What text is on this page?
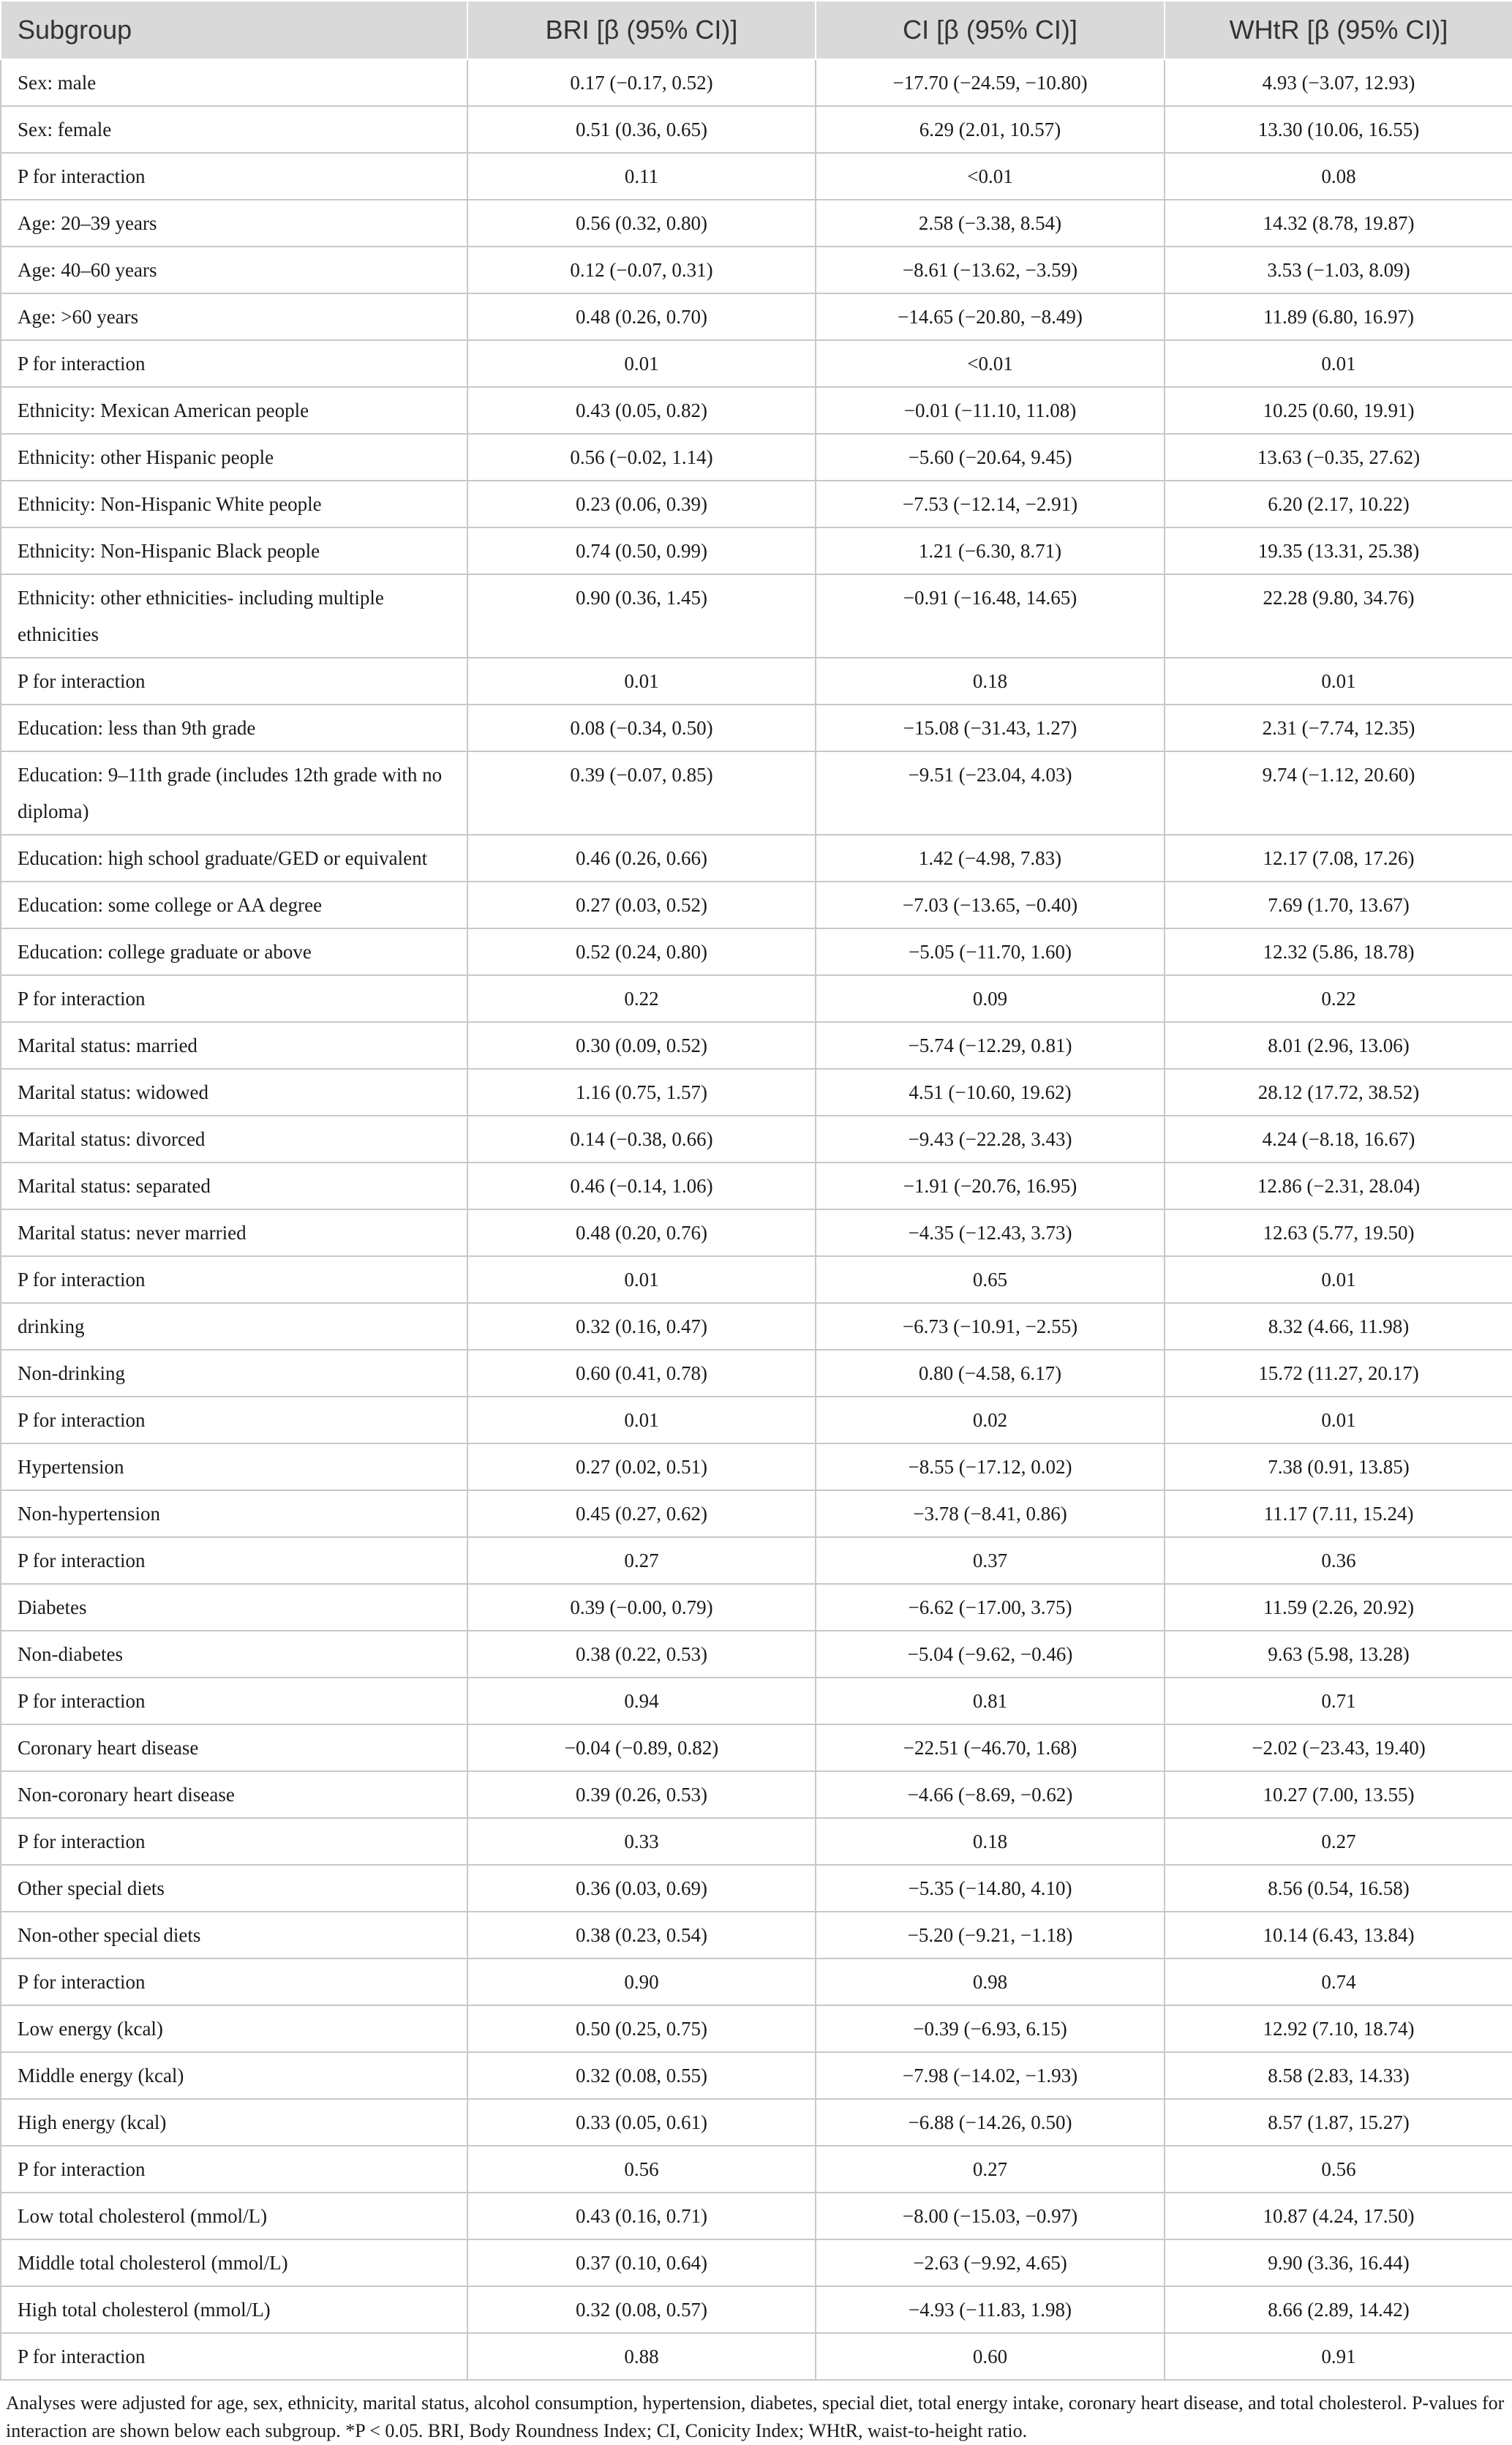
Subgroup	BRI [β (95% CI)]	CI [β (95% CI)]	WHtR [β (95% CI)]
Sex: male	0.17 (−0.17, 0.52)	−17.70 (−24.59, −10.80)	4.93 (−3.07, 12.93)
Sex: female	0.51 (0.36, 0.65)	6.29 (2.01, 10.57)	13.30 (10.06, 16.55)
P for interaction	0.11	<0.01	0.08
Age: 20–39 years	0.56 (0.32, 0.80)	2.58 (−3.38, 8.54)	14.32 (8.78, 19.87)
Age: 40–60 years	0.12 (−0.07, 0.31)	−8.61 (−13.62, −3.59)	3.53 (−1.03, 8.09)
Age: >60 years	0.48 (0.26, 0.70)	−14.65 (−20.80, −8.49)	11.89 (6.80, 16.97)
P for interaction	0.01	<0.01	0.01
Ethnicity: Mexican American people	0.43 (0.05, 0.82)	−0.01 (−11.10, 11.08)	10.25 (0.60, 19.91)
Ethnicity: other Hispanic people	0.56 (−0.02, 1.14)	−5.60 (−20.64, 9.45)	13.63 (−0.35, 27.62)
Ethnicity: Non-Hispanic White people	0.23 (0.06, 0.39)	−7.53 (−12.14, −2.91)	6.20 (2.17, 10.22)
Ethnicity: Non-Hispanic Black people	0.74 (0.50, 0.99)	1.21 (−6.30, 8.71)	19.35 (13.31, 25.38)
Ethnicity: other ethnicities- including multiple ethnicities	0.90 (0.36, 1.45)	−0.91 (−16.48, 14.65)	22.28 (9.80, 34.76)
P for interaction	0.01	0.18	0.01
Education: less than 9th grade	0.08 (−0.34, 0.50)	−15.08 (−31.43, 1.27)	2.31 (−7.74, 12.35)
Education: 9–11th grade (includes 12th grade with no diploma)	0.39 (−0.07, 0.85)	−9.51 (−23.04, 4.03)	9.74 (−1.12, 20.60)
Education: high school graduate/GED or equivalent	0.46 (0.26, 0.66)	1.42 (−4.98, 7.83)	12.17 (7.08, 17.26)
Education: some college or AA degree	0.27 (0.03, 0.52)	−7.03 (−13.65, −0.40)	7.69 (1.70, 13.67)
Education: college graduate or above	0.52 (0.24, 0.80)	−5.05 (−11.70, 1.60)	12.32 (5.86, 18.78)
P for interaction	0.22	0.09	0.22
Marital status: married	0.30 (0.09, 0.52)	−5.74 (−12.29, 0.81)	8.01 (2.96, 13.06)
Marital status: widowed	1.16 (0.75, 1.57)	4.51 (−10.60, 19.62)	28.12 (17.72, 38.52)
Marital status: divorced	0.14 (−0.38, 0.66)	−9.43 (−22.28, 3.43)	4.24 (−8.18, 16.67)
Marital status: separated	0.46 (−0.14, 1.06)	−1.91 (−20.76, 16.95)	12.86 (−2.31, 28.04)
Marital status: never married	0.48 (0.20, 0.76)	−4.35 (−12.43, 3.73)	12.63 (5.77, 19.50)
P for interaction	0.01	0.65	0.01
drinking	0.32 (0.16, 0.47)	−6.73 (−10.91, −2.55)	8.32 (4.66, 11.98)
Non-drinking	0.60 (0.41, 0.78)	0.80 (−4.58, 6.17)	15.72 (11.27, 20.17)
P for interaction	0.01	0.02	0.01
Hypertension	0.27 (0.02, 0.51)	−8.55 (−17.12, 0.02)	7.38 (0.91, 13.85)
Non-hypertension	0.45 (0.27, 0.62)	−3.78 (−8.41, 0.86)	11.17 (7.11, 15.24)
P for interaction	0.27	0.37	0.36
Diabetes	0.39 (−0.00, 0.79)	−6.62 (−17.00, 3.75)	11.59 (2.26, 20.92)
Non-diabetes	0.38 (0.22, 0.53)	−5.04 (−9.62, −0.46)	9.63 (5.98, 13.28)
P for interaction	0.94	0.81	0.71
Coronary heart disease	−0.04 (−0.89, 0.82)	−22.51 (−46.70, 1.68)	−2.02 (−23.43, 19.40)
Non-coronary heart disease	0.39 (0.26, 0.53)	−4.66 (−8.69, −0.62)	10.27 (7.00, 13.55)
P for interaction	0.33	0.18	0.27
Other special diets	0.36 (0.03, 0.69)	−5.35 (−14.80, 4.10)	8.56 (0.54, 16.58)
Non-other special diets	0.38 (0.23, 0.54)	−5.20 (−9.21, −1.18)	10.14 (6.43, 13.84)
P for interaction	0.90	0.98	0.74
Low energy (kcal)	0.50 (0.25, 0.75)	−0.39 (−6.93, 6.15)	12.92 (7.10, 18.74)
Middle energy (kcal)	0.32 (0.08, 0.55)	−7.98 (−14.02, −1.93)	8.58 (2.83, 14.33)
High energy (kcal)	0.33 (0.05, 0.61)	−6.88 (−14.26, 0.50)	8.57 (1.87, 15.27)
P for interaction	0.56	0.27	0.56
Low total cholesterol (mmol/L)	0.43 (0.16, 0.71)	−8.00 (−15.03, −0.97)	10.87 (4.24, 17.50)
Middle total cholesterol (mmol/L)	0.37 (0.10, 0.64)	−2.63 (−9.92, 4.65)	9.90 (3.36, 16.44)
High total cholesterol (mmol/L)	0.32 (0.08, 0.57)	−4.93 (−11.83, 1.98)	8.66 (2.89, 14.42)
P for interaction	0.88	0.60	0.91
Analyses were adjusted for age, sex, ethnicity, marital status, alcohol consumption, hypertension, diabetes, special diet, total energy intake, coronary heart disease, and total cholesterol. P-values for interaction are shown below each subgroup. *P < 0.05. BRI, Body Roundness Index; CI, Conicity Index; WHtR, waist-to-height ratio.
